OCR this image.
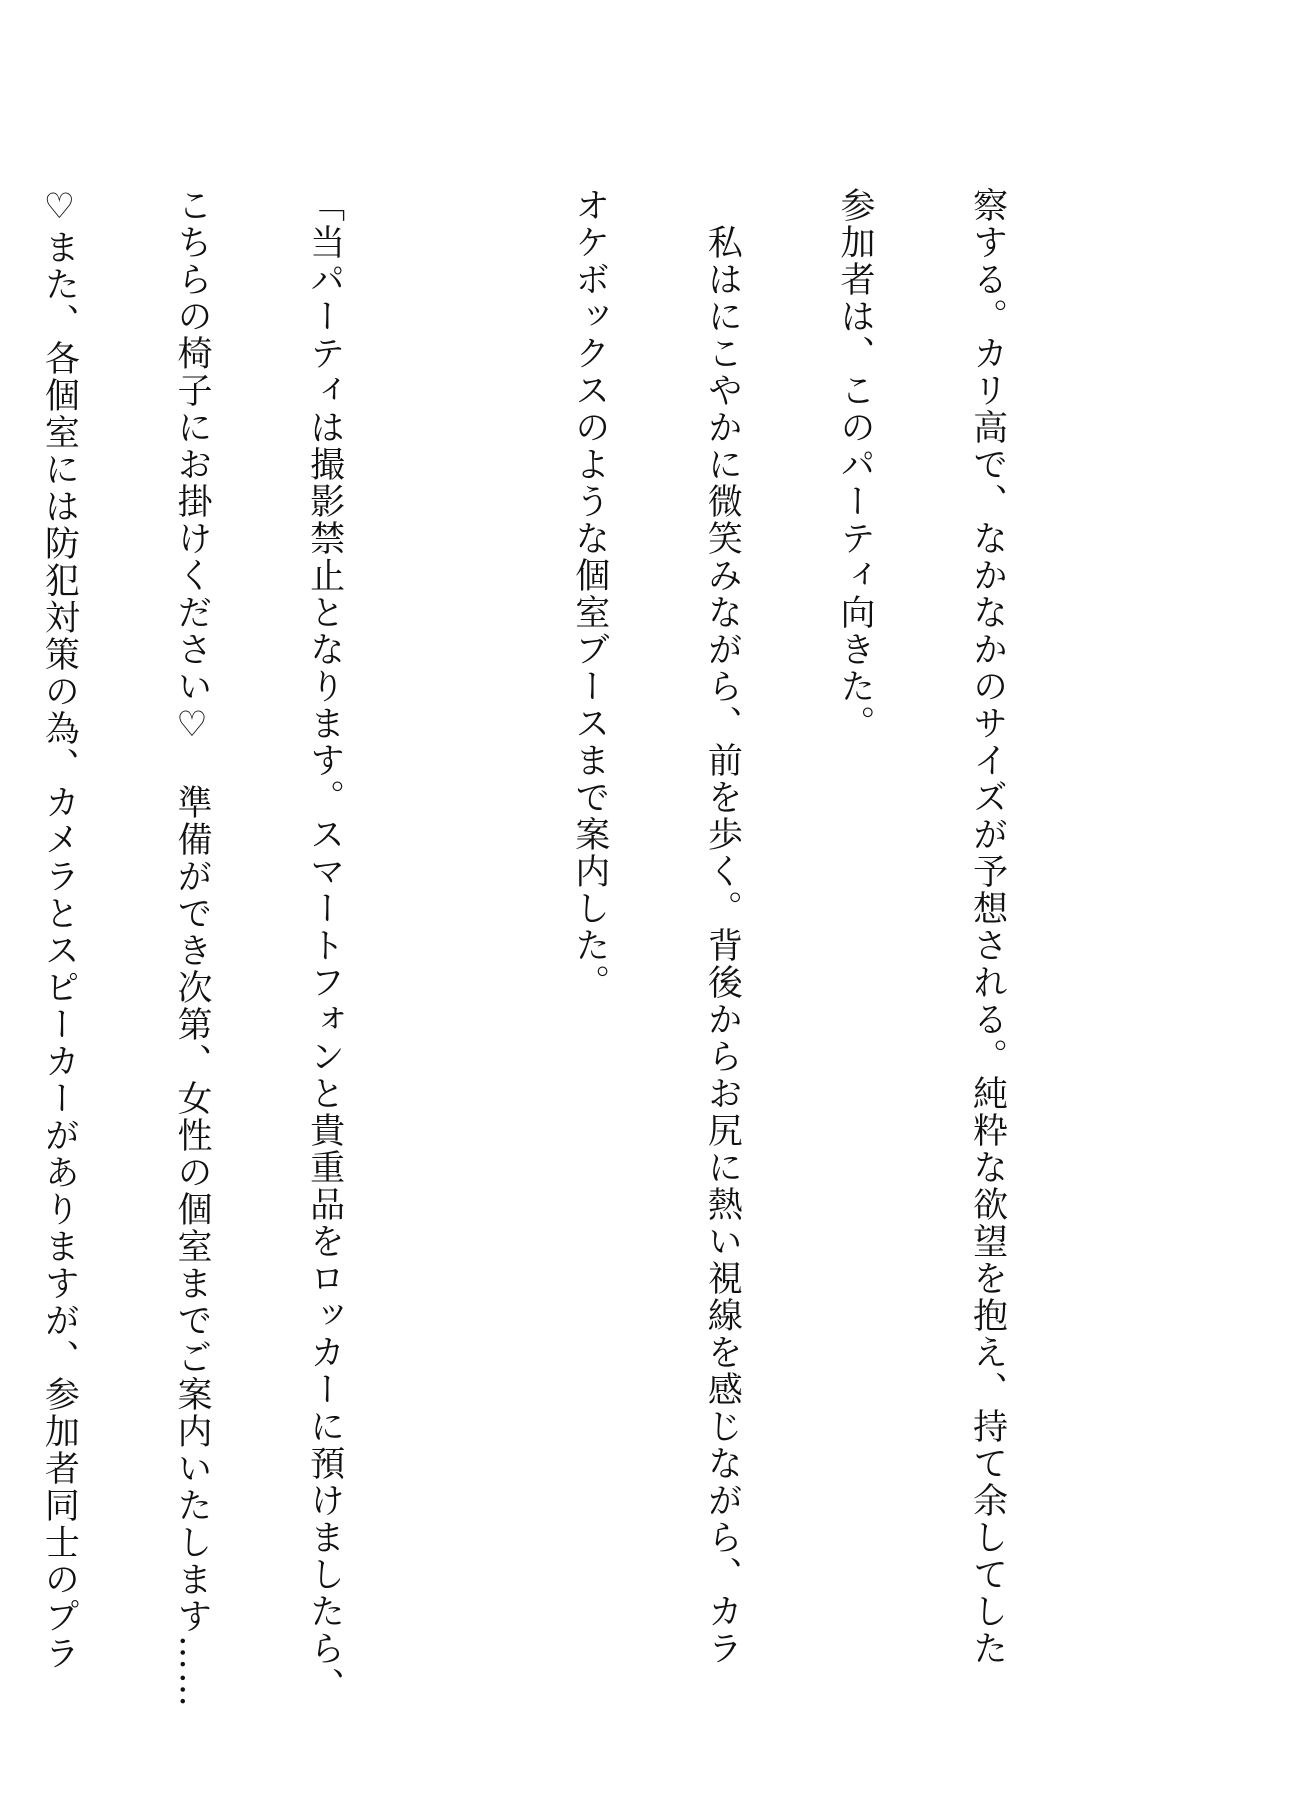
察する。カリ高で、なかなかのサイズが予想される。純粋な欲望を抱え、持て余してした

参加者は、このパーティ向きた。

私はにこやかに微笑みながら、前を歩く。背後からお尻に熱い視線を感じながら、カラ

オケボックスのような個室ブースまで案内した。

「当パーティは撮影禁止となります。スマートフォンと貴重品をロッカーに預けましたら、

こちらの椅子にお掛けください♡　準備ができ次第、女性の個室までご案内いたします……

♡また、各個室には防犯対策の為、カメラとスピーカーがありますが、参加者同士のプラ
